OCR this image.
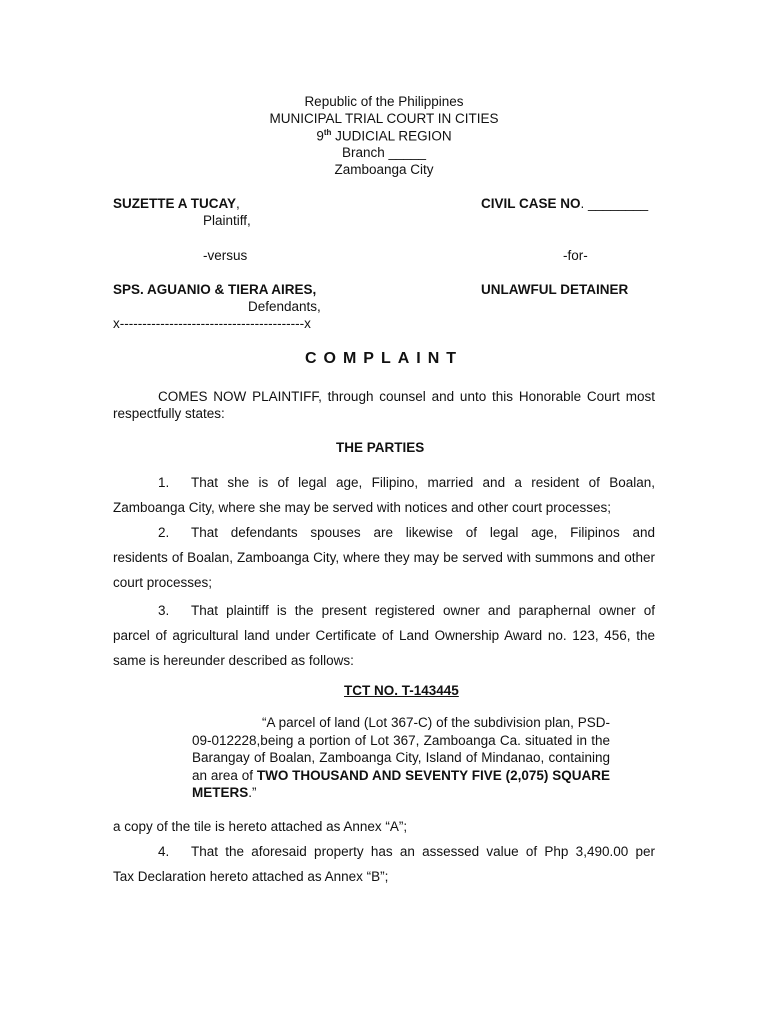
Republic of the Philippines
MUNICIPAL TRIAL COURT IN CITIES
9th JUDICIAL REGION
Branch _____
Zamboanga City
SUZETTE A TUCAY,
Plaintiff,
CIVIL CASE NO. ________
-versus	-for-
SPS. AGUANIO & TIERA AIRES,
Defendants,
UNLAWFUL DETAINER
x-----------------------------------------x
COMPLAINT
COMES NOW PLAINTIFF, through counsel and unto this Honorable Court most respectfully states:
THE PARTIES
1. That she is of legal age, Filipino, married and a resident of Boalan,
Zamboanga City, where she may be served with notices and other court processes;
2. That defendants spouses are likewise of legal age, Filipinos and
residents of Boalan, Zamboanga City, where they may be served with summons and other court processes;
3. That plaintiff is the present registered owner and paraphernal owner of
parcel of agricultural land under Certificate of Land Ownership Award no. 123, 456, the same is hereunder described as follows:
TCT NO. T-143445
“A parcel of land (Lot 367-C) of the subdivision plan, PSD-09-012228,being a portion of Lot 367, Zamboanga Ca. situated in the Barangay of Boalan, Zamboanga City, Island of Mindanao, containing an area of TWO THOUSAND AND SEVENTY FIVE (2,075) SQUARE METERS.”
a copy of the tile is hereto attached as Annex “A”;
4. That the aforesaid property has an assessed value of Php 3,490.00 per
Tax Declaration hereto attached as Annex “B”;
